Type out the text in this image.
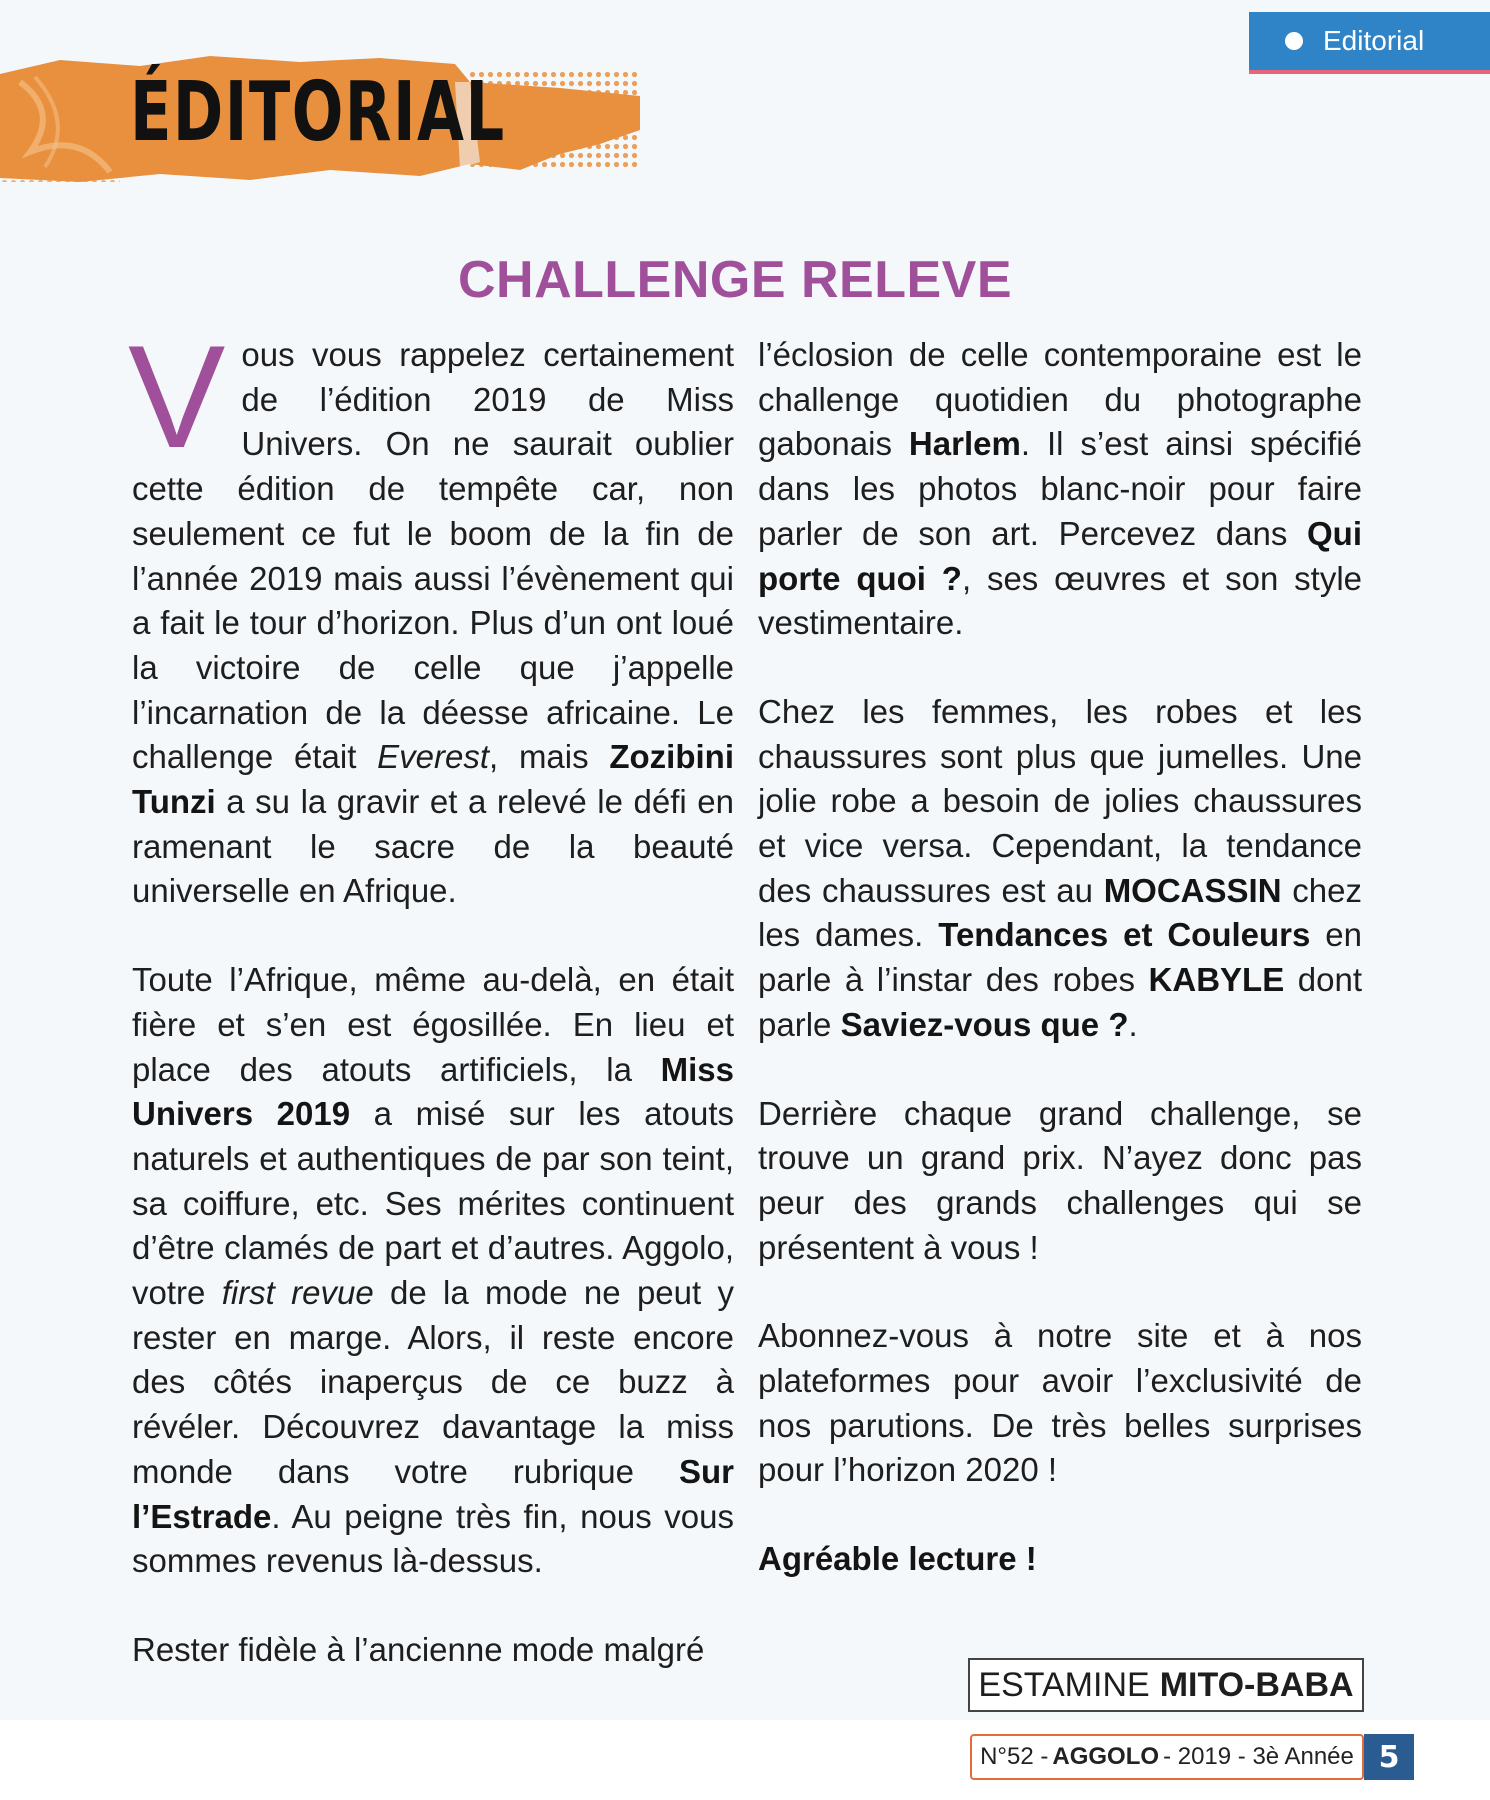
Editorial
ÉDITORIAL
CHALLENGE RELEVE

V ous vous rappelez certainement de l’édition 2019 de Miss Univers. On ne saurait oublier cette édition de tempête car, non seulement ce fut le boom de la fin de l’année 2019 mais aussi l’évènement qui a fait le tour d’horizon. Plus d’un ont loué la victoire de celle que j’appelle l’incarnation de la déesse africaine. Le challenge était Everest, mais Zozibini Tunzi a su la gravir et a relevé le défi en ramenant le sacre de la beauté universelle en Afrique.

Toute l’Afrique, même au-delà, en était fière et s’en est égosillée. En lieu et place des atouts artificiels, la Miss Univers 2019 a misé sur les atouts naturels et authentiques de par son teint, sa coiffure, etc. Ses mérites continuent d’être clamés de part et d’autres. Aggolo, votre first revue de la mode ne peut y rester en marge. Alors, il reste encore des côtés inaperçus de ce buzz à révéler. Découvrez davantage la miss monde dans votre rubrique Sur l’Estrade. Au peigne très fin, nous vous sommes revenus là-dessus.

Rester fidèle à l’ancienne mode malgré

l’éclosion de celle contemporaine est le challenge quotidien du photographe gabonais Harlem. Il s’est ainsi spécifié dans les photos blanc-noir pour faire parler de son art. Percevez dans Qui porte quoi ?, ses œuvres et son style vestimentaire.

Chez les femmes, les robes et les chaussures sont plus que jumelles. Une jolie robe a besoin de jolies chaussures et vice versa. Cependant, la tendance des chaussures est au MOCASSIN chez les dames. Tendances et Couleurs en parle à l’instar des robes KABYLE dont parle Saviez-vous que ?.

Derrière chaque grand challenge, se trouve un grand prix. N’ayez donc pas peur des grands challenges qui se présentent à vous !

Abonnez-vous à notre site et à nos plateformes pour avoir l’exclusivité de nos parutions. De très belles surprises pour l’horizon 2020 !

Agréable lecture !

ESTAMINE MITO-BABA
N°52 - AGGOLO - 2019 - 3è Année 5
